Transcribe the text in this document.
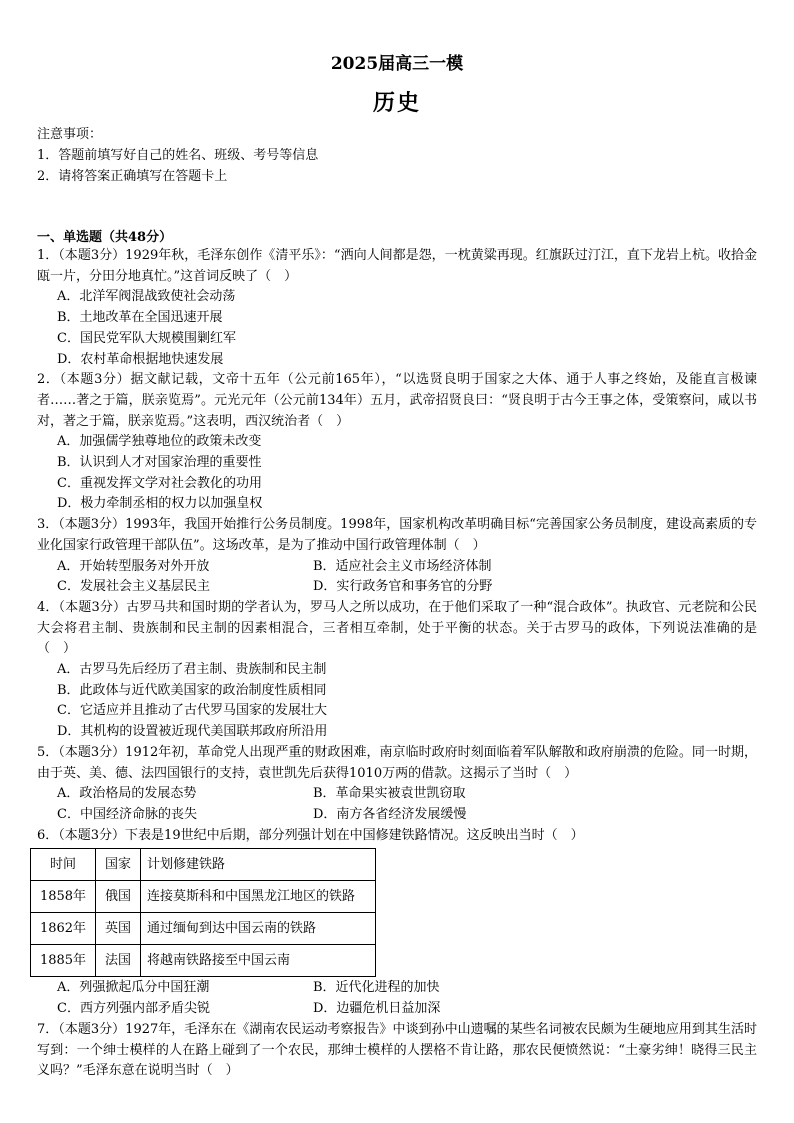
2025届高三一模
历史
注意事项：
1．答题前填写好自己的姓名、班级、考号等信息
2．请将答案正确填写在答题卡上
一、单选题（共48分）
1．（本题3分）1929年秋，毛泽东创作《清平乐》：“洒向人间都是怨，一枕黄粱再现。红旗跃过汀江，直下龙岩上杭。收拾金瓯一片，分田分地真忙。”这首词反映了（　）
A．北洋军阀混战致使社会动荡
B．土地改革在全国迅速开展
C．国民党军队大规模围剿红军
D．农村革命根据地快速发展
2．（本题3分）据文献记载，文帝十五年（公元前165年），“以选贤良明于国家之大体、通于人事之终始，及能直言极谏者……著之于篇，朕亲览焉”。元光元年（公元前134年）五月，武帝招贤良曰：“贤良明于古今王事之体，受策察问，咸以书对，著之于篇，朕亲览焉。”这表明，西汉统治者（　）
A．加强儒学独尊地位的政策未改变
B．认识到人才对国家治理的重要性
C．重视发挥文学对社会教化的功用
D．极力牵制丞相的权力以加强皇权
3．（本题3分）1993年，我国开始推行公务员制度。1998年，国家机构改革明确目标“完善国家公务员制度，建设高素质的专业化国家行政管理干部队伍”。这场改革，是为了推动中国行政管理体制（　）
A．开始转型服务对外开放	B．适应社会主义市场经济体制
C．发展社会主义基层民主	D．实行政务官和事务官的分野
4．（本题3分）古罗马共和国时期的学者认为，罗马人之所以成功，在于他们采取了一种“混合政体”。执政官、元老院和公民大会将君主制、贵族制和民主制的因素相混合，三者相互牵制，处于平衡的状态。关于古罗马的政体，下列说法准确的是（　）
A．古罗马先后经历了君主制、贵族制和民主制
B．此政体与近代欧美国家的政治制度性质相同
C．它适应并且推动了古代罗马国家的发展壮大
D．其机构的设置被近现代美国联邦政府所沿用
5．（本题3分）1912年初，革命党人出现严重的财政困难，南京临时政府时刻面临着军队解散和政府崩溃的危险。同一时期，由于英、美、德、法四国银行的支持，袁世凯先后获得1010万两的借款。这揭示了当时（　）
A．政治格局的发展态势	B．革命果实被袁世凯窃取
C．中国经济命脉的丧失	D．南方各省经济发展缓慢
6．（本题3分）下表是19世纪中后期，部分列强计划在中国修建铁路情况。这反映出当时（　）
时间	国家	计划修建铁路
1858年	俄国	连接莫斯科和中国黑龙江地区的铁路
1862年	英国	通过缅甸到达中国云南的铁路
1885年	法国	将越南铁路接至中国云南
A．列强掀起瓜分中国狂潮	B．近代化进程的加快
C．西方列强内部矛盾尖锐	D．边疆危机日益加深
7．（本题3分）1927年，毛泽东在《湖南农民运动考察报告》中谈到孙中山遗嘱的某些名词被农民颇为生硬地应用到其生活时写到：一个绅士模样的人在路上碰到了一个农民，那绅士模样的人摆格不肯让路，那农民便愤然说：“土豪劣绅！晓得三民主义吗？”毛泽东意在说明当时（　）
